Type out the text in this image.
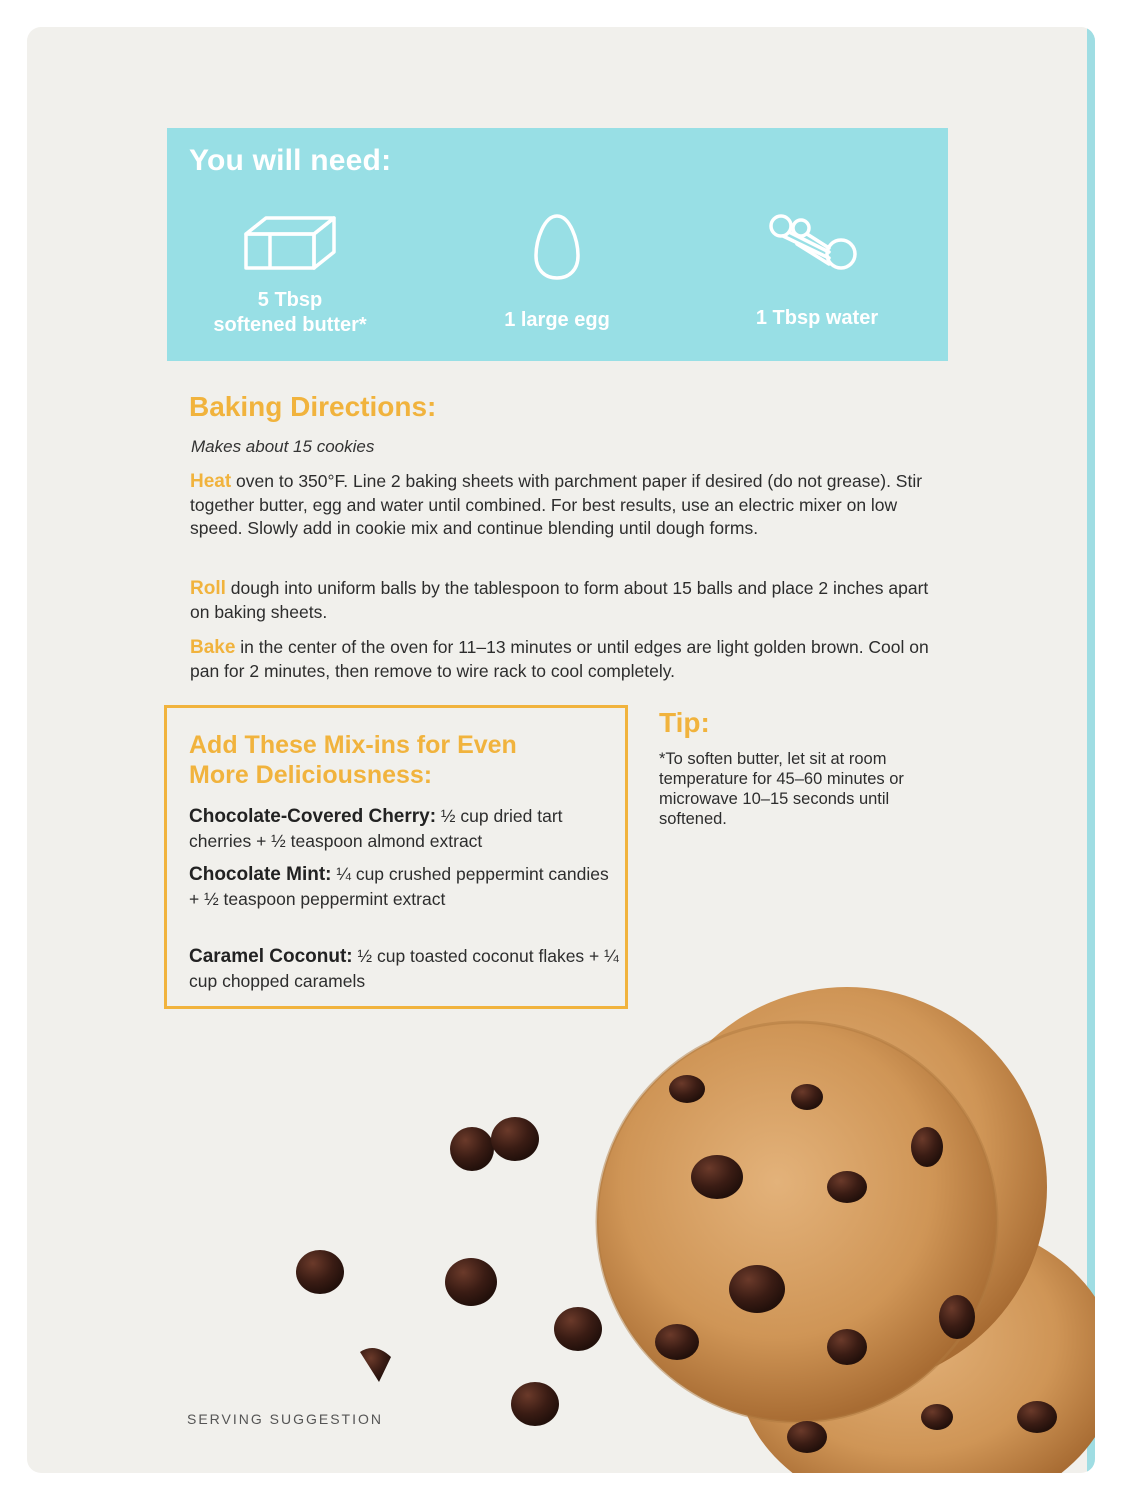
You will need:
5 Tbsp
softened butter*	1 large egg	1 Tbsp water
Baking Directions:

Makes about 15 cookies

Heat oven to 350°F. Line 2 baking sheets with parchment paper if desired (do not grease). Stir together butter, egg and water until combined. For best results, use an electric mixer on low speed. Slowly add in cookie mix and continue blending until dough forms.

Roll dough into uniform balls by the tablespoon to form about 15 balls and place 2 inches apart on baking sheets.

Bake in the center of the oven for 11–13 minutes or until edges are light golden brown. Cool on pan for 2 minutes, then remove to wire rack to cool completely.

Add These Mix-ins for Even
More Deliciousness:

Chocolate-Covered Cherry: ½ cup dried tart cherries + ½ teaspoon almond extract

Chocolate Mint: ¼ cup crushed peppermint candies + ½ teaspoon peppermint extract

Caramel Coconut: ½ cup toasted coconut flakes + ¼ cup chopped caramels

Tip:

*To soften butter, let sit at room temperature for 45–60 minutes or microwave 10–15 seconds until softened.

SERVING SUGGESTION
